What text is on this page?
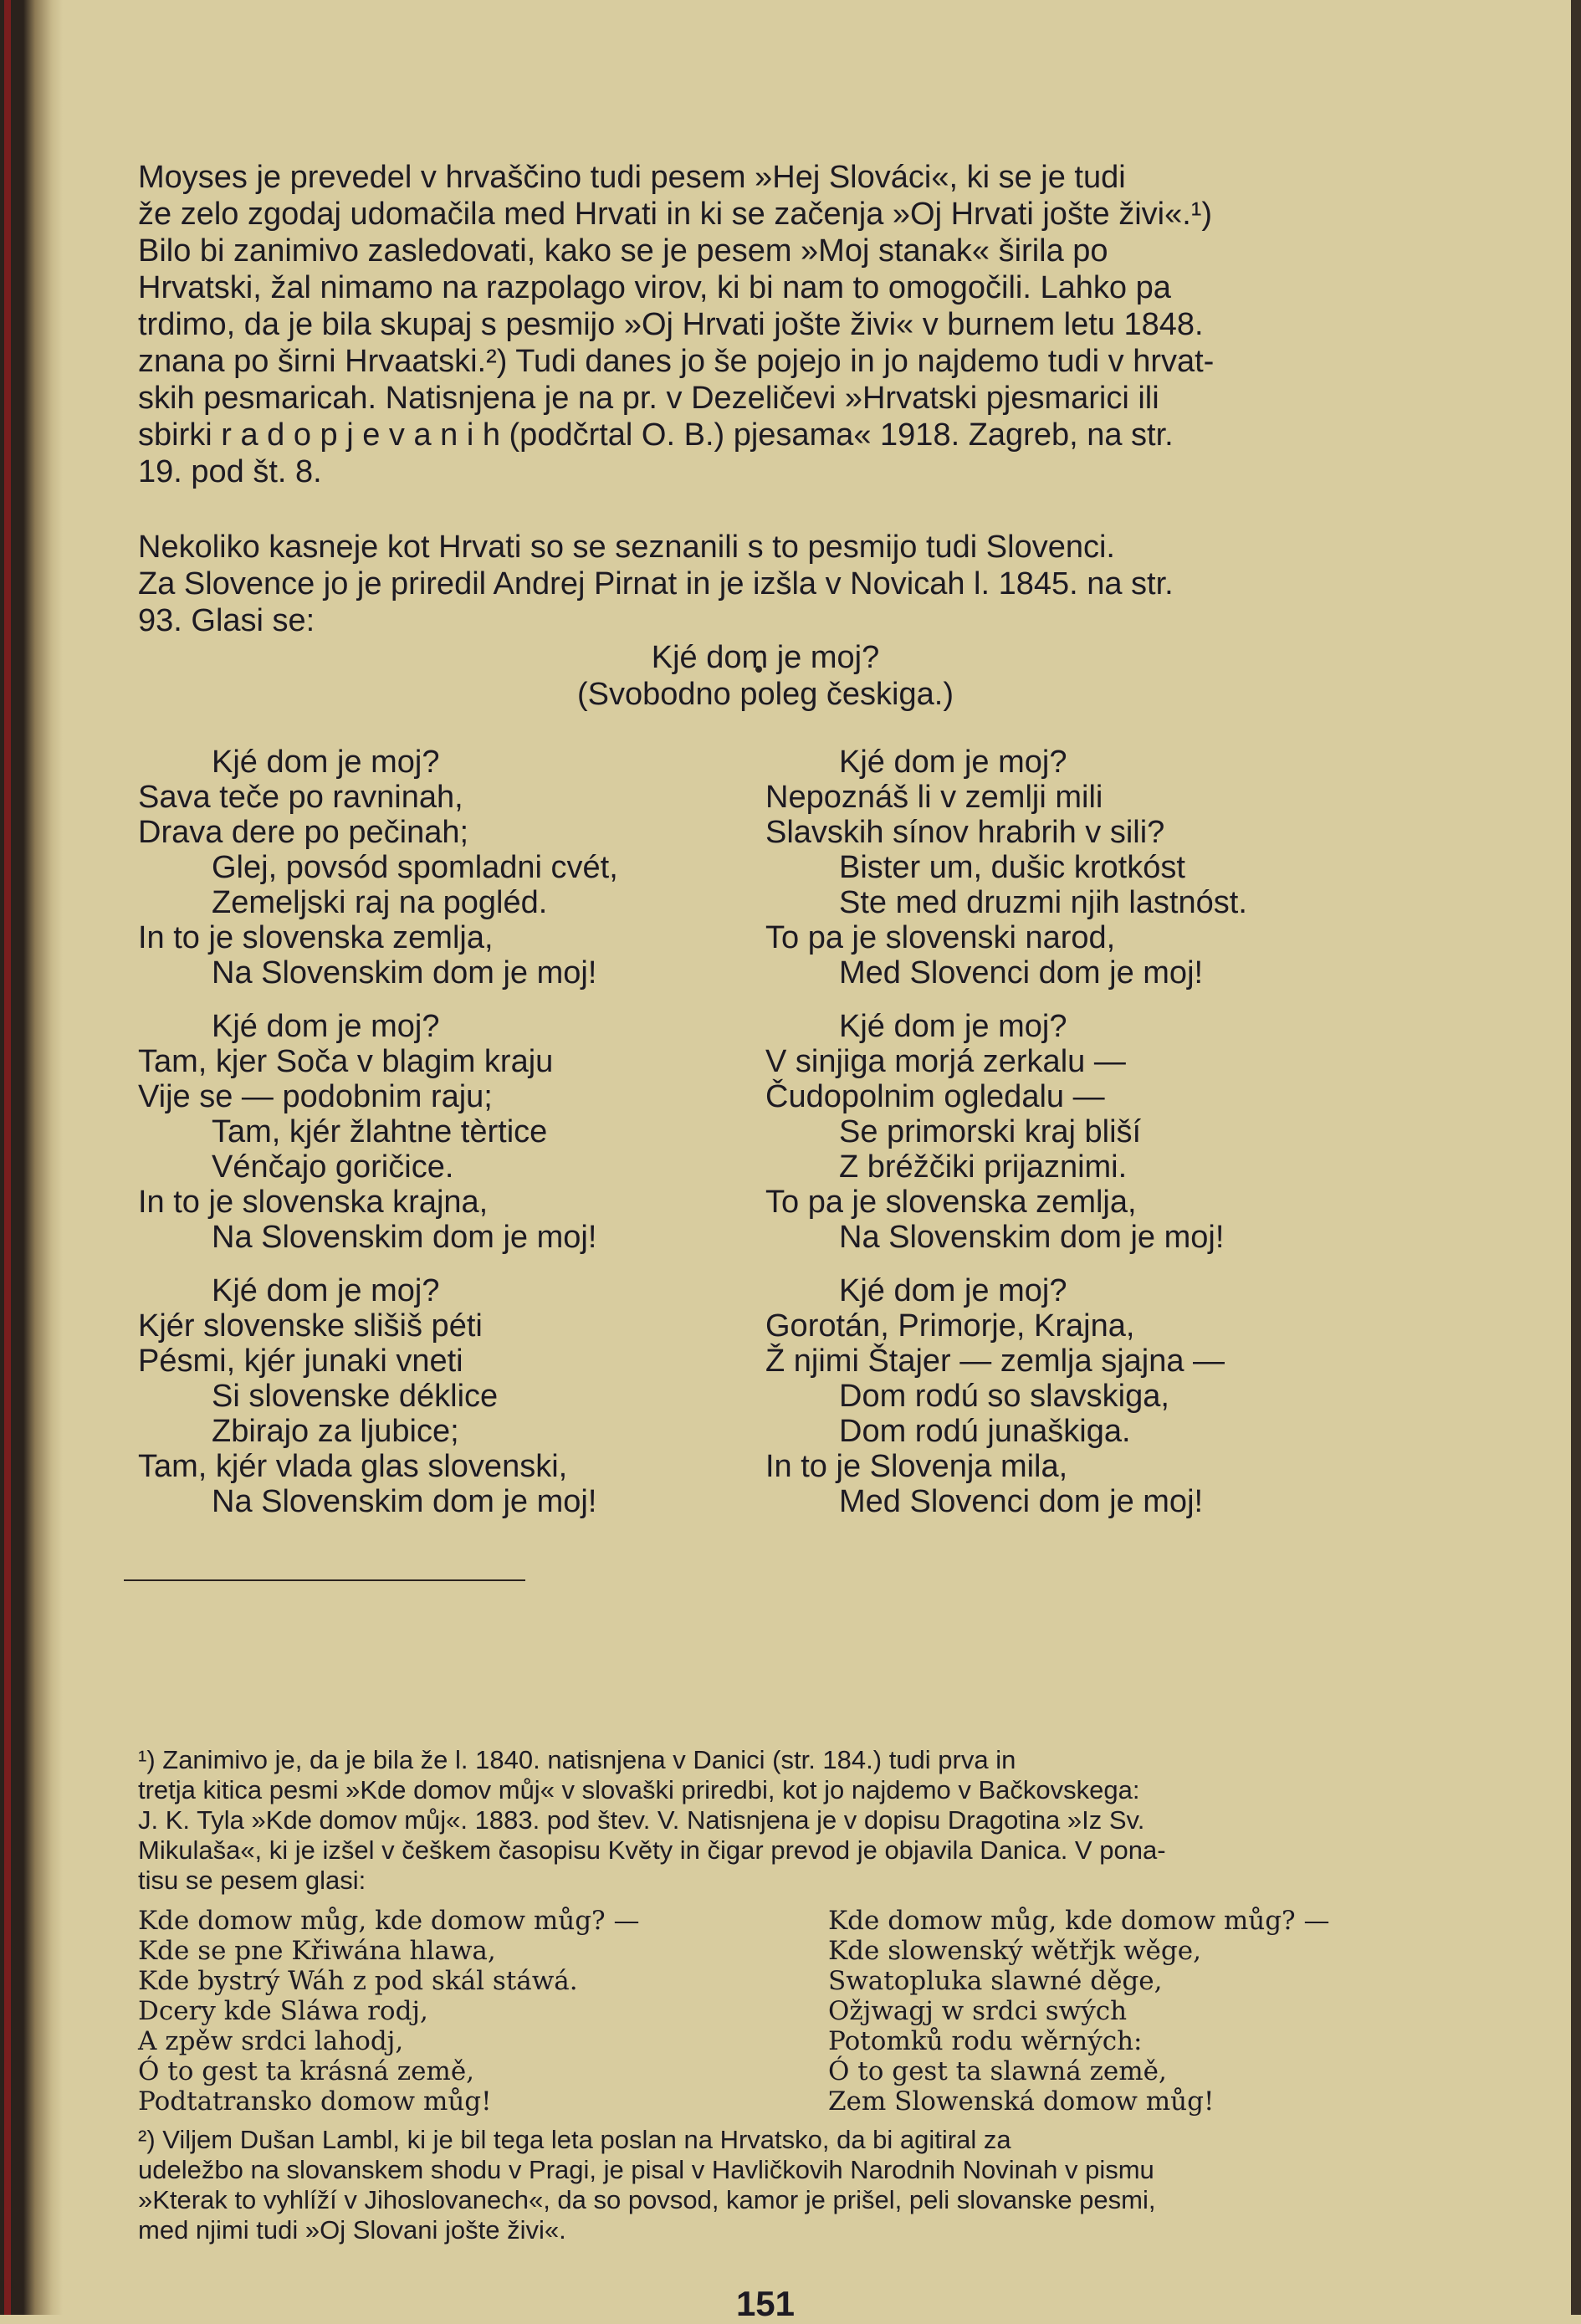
Moyses je prevedel v hrvaščino tudi pesem »Hej Slováci«, ki se je tudi
že zelo zgodaj udomačila med Hrvati in ki se začenja »Oj Hrvati jošte živi«.¹)
Bilo bi zanimivo zasledovati, kako se je pesem »Moj stanak« širila po
Hrvatski, žal nimamo na razpolago virov, ki bi nam to omogočili. Lahko pa
trdimo, da je bila skupaj s pesmijo »Oj Hrvati jošte živi« v burnem letu 1848.
znana po širni Hrvaatski.²) Tudi danes jo še pojejo in jo najdemo tudi v hrvat-
skih pesmaricah. Natisnjena je na pr. v Dezeličevi »Hrvatski pjesmarici ili
sbirki r a d o p j e v a n i h (podčrtal O. B.) pjesama« 1918. Zagreb, na str.
19. pod št. 8.
Nekoliko kasneje kot Hrvati so se seznanili s to pesmijo tudi Slovenci.
Za Slovence jo je priredil Andrej Pirnat in je izšla v Novicah l. 1845. na str.
93. Glasi se:
Kjé dom je moj?
(Svobodno poleg českiga.)
Kjé dom je moj?
Sava teče po ravninah,
Drava dere po pečinah;
Glej, povsód spomladni cvét,
Zemeljski raj na pogléd.
In to je slovenska zemlja,
Na Slovenskim dom je moj!
Kjé dom je moj?
Tam, kjer Soča v blagim kraju
Vije se — podobnim raju;
Tam, kjér žlahtne tèrtice
Vénčajo goričice.
In to je slovenska krajna,
Na Slovenskim dom je moj!
Kjé dom je moj?
Kjér slovenske slišiš péti
Pésmi, kjér junaki vneti
Si slovenske déklice
Zbirajo za ljubice;
Tam, kjér vlada glas slovenski,
Na Slovenskim dom je moj!
Kjé dom je moj?
Nepoznáš li v zemlji mili
Slavskih sínov hrabrih v sili?
Bister um, dušic krotkóst
Ste med druzmi njih lastnóst.
To pa je slovenski narod,
Med Slovenci dom je moj!
Kjé dom je moj?
V sinjiga morjá zerkalu —
Čudopolnim ogledalu —
Se primorski kraj bliší
Z bréžčiki prijaznimi.
To pa je slovenska zemlja,
Na Slovenskim dom je moj!
Kjé dom je moj?
Gorotán, Primorje, Krajna,
Ž njimi Štajer — zemlja sjajna —
Dom rodú so slavskiga,
Dom rodú junaškiga.
In to je Slovenja mila,
Med Slovenci dom je moj!
¹) Zanimivo je, da je bila že l. 1840. natisnjena v Danici (str. 184.) tudi prva in
tretja kitica pesmi »Kde domov můj« v slovaški priredbi, kot jo najdemo v Bačkovskega:
J. K. Tyla »Kde domov můj«. 1883. pod štev. V. Natisnjena je v dopisu Dragotina »Iz Sv.
Mikulaša«, ki je izšel v češkem časopisu Květy in čigar prevod je objavila Danica. V pona-
tisu se pesem glasi:
Kde domow můg, kde domow můg? —
Kde se pne Křiwána hlawa,
Kde bystrý Wáh z pod skál stáwá.
Dcery kde Sláwa rodj,
A zpěw srdci lahodj,
Ó to gest ta krásná země,
Podtatransko domow můg!
Kde domow můg, kde domow můg? —
Kde slowenský wětřjk wěge,
Swatopluka slawné děge,
Ožjwagj w srdci swých
Potomků rodu wěrných:
Ó to gest ta slawná země,
Zem Slowenská domow můg!
²) Viljem Dušan Lambl, ki je bil tega leta poslan na Hrvatsko, da bi agitiral za
udeležbo na slovanskem shodu v Pragi, je pisal v Havličkovih Narodnih Novinah v pismu
»Kterak to vyhlíží v Jihoslovanech«, da so povsod, kamor je prišel, peli slovanske pesmi,
med njimi tudi »Oj Slovani jošte živi«.
151
